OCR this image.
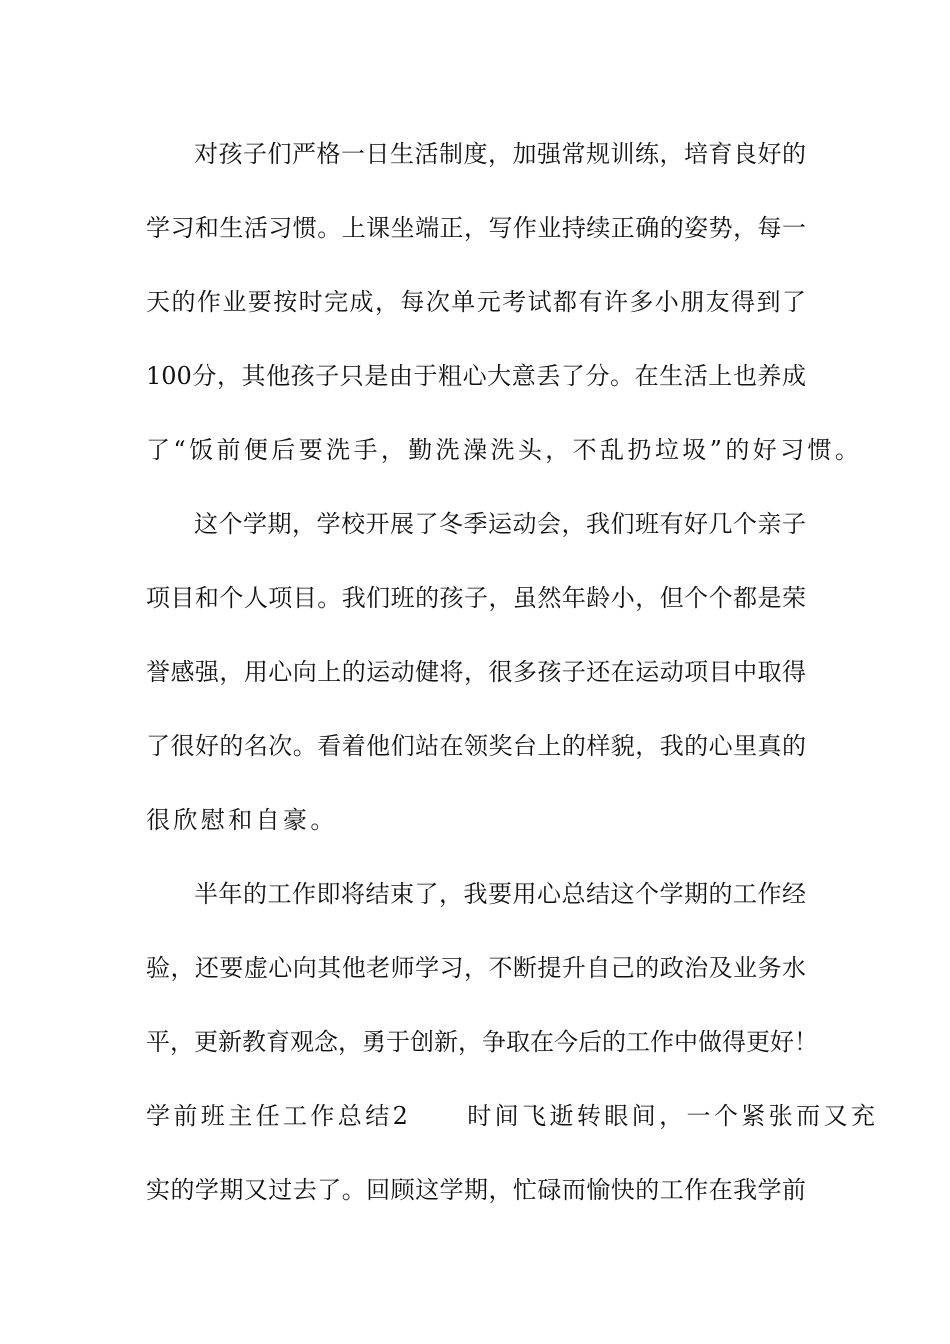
对孩子们严格一日生活制度，加强常规训练，培育良好的
学习和生活习惯。上课坐端正，写作业持续正确的姿势，每一
天的作业要按时完成，每次单元考试都有许多小朋友得到了
100分，其他孩子只是由于粗心大意丢了分。在生活上也养成
了“饭前便后要洗手，勤洗澡洗头，不乱扔垃圾”的好习惯。
这个学期，学校开展了冬季运动会，我们班有好几个亲子
项目和个人项目。我们班的孩子，虽然年龄小，但个个都是荣
誉感强，用心向上的运动健将，很多孩子还在运动项目中取得
了很好的名次。看着他们站在领奖台上的样貌，我的心里真的
很欣慰和自豪。
半年的工作即将结束了，我要用心总结这个学期的工作经
验，还要虚心向其他老师学习，不断提升自己的政治及业务水
平，更新教育观念，勇于创新，争取在今后的工作中做得更好！
学前班主任工作总结2 时间飞逝转眼间，一个紧张而又充
实的学期又过去了。回顾这学期，忙碌而愉快的工作在我学前
